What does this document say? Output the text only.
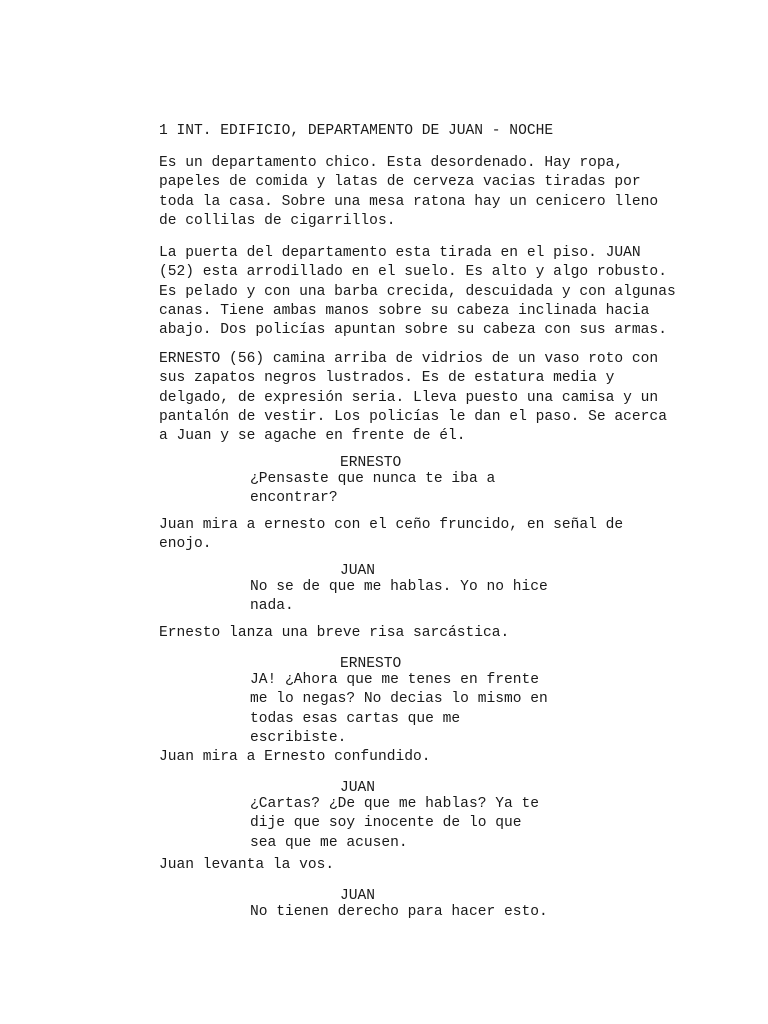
1 INT. EDIFICIO, DEPARTAMENTO DE JUAN - NOCHE

Es un departamento chico. Esta desordenado. Hay ropa,
papeles de comida y latas de cerveza vacias tiradas por
toda la casa. Sobre una mesa ratona hay un cenicero lleno
de collilas de cigarrillos.

La puerta del departamento esta tirada en el piso. JUAN
(52) esta arrodillado en el suelo. Es alto y algo robusto.
Es pelado y con una barba crecida, descuidada y con algunas
canas. Tiene ambas manos sobre su cabeza inclinada hacia
abajo. Dos policías apuntan sobre su cabeza con sus armas.

ERNESTO (56) camina arriba de vidrios de un vaso roto con
sus zapatos negros lustrados. Es de estatura media y
delgado, de expresión seria. Lleva puesto una camisa y un
pantalón de vestir. Los policías le dan el paso. Se acerca
a Juan y se agache en frente de él.

ERNESTO

¿Pensaste que nunca te iba a
encontrar?

Juan mira a ernesto con el ceño fruncido, en señal de
enojo.

JUAN

No se de que me hablas. Yo no hice
nada.

Ernesto lanza una breve risa sarcástica.

ERNESTO

JA! ¿Ahora que me tenes en frente
me lo negas? No decias lo mismo en
todas esas cartas que me
escribiste.

Juan mira a Ernesto confundido.

JUAN

¿Cartas? ¿De que me hablas? Ya te
dije que soy inocente de lo que
sea que me acusen.

Juan levanta la vos.

JUAN

No tienen derecho para hacer esto.
